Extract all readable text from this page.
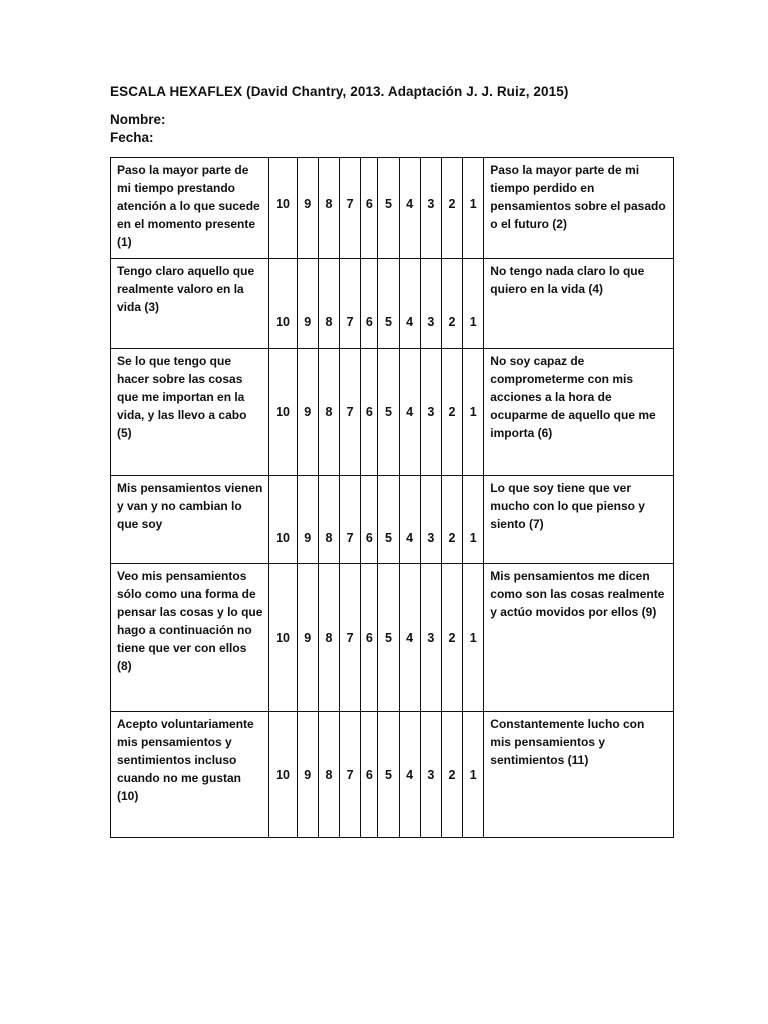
ESCALA HEXAFLEX (David Chantry, 2013. Adaptación J. J. Ruiz, 2015)
Nombre:
Fecha:
Paso la mayor parte de mi tiempo prestando atención a lo que sucede en el momento presente (1)	10	9	8	7	6	5	4	3	2	1	Paso la mayor parte de mi tiempo perdido en pensamientos sobre el pasado o el futuro (2)
Tengo claro aquello que realmente valoro en la vida (3)	10	9	8	7	6	5	4	3	2	1	No tengo nada claro lo que quiero en la vida (4)
Se lo que tengo que hacer sobre las cosas que me importan en la vida, y las llevo a cabo (5)	10	9	8	7	6	5	4	3	2	1	No soy capaz de comprometerme con mis acciones a la hora de ocuparme de aquello que me importa (6)
Mis pensamientos vienen y van y no cambian lo que soy	10	9	8	7	6	5	4	3	2	1	Lo que soy tiene que ver mucho con lo que pienso y siento (7)
Veo mis pensamientos sólo como una forma de pensar las cosas y lo que hago a continuación no tiene que ver con ellos (8)	10	9	8	7	6	5	4	3	2	1	Mis pensamientos me dicen como son las cosas realmente y actúo movidos por ellos (9)
Acepto voluntariamente mis pensamientos y sentimientos incluso cuando no me gustan (10)	10	9	8	7	6	5	4	3	2	1	Constantemente lucho con mis pensamientos y sentimientos (11)
